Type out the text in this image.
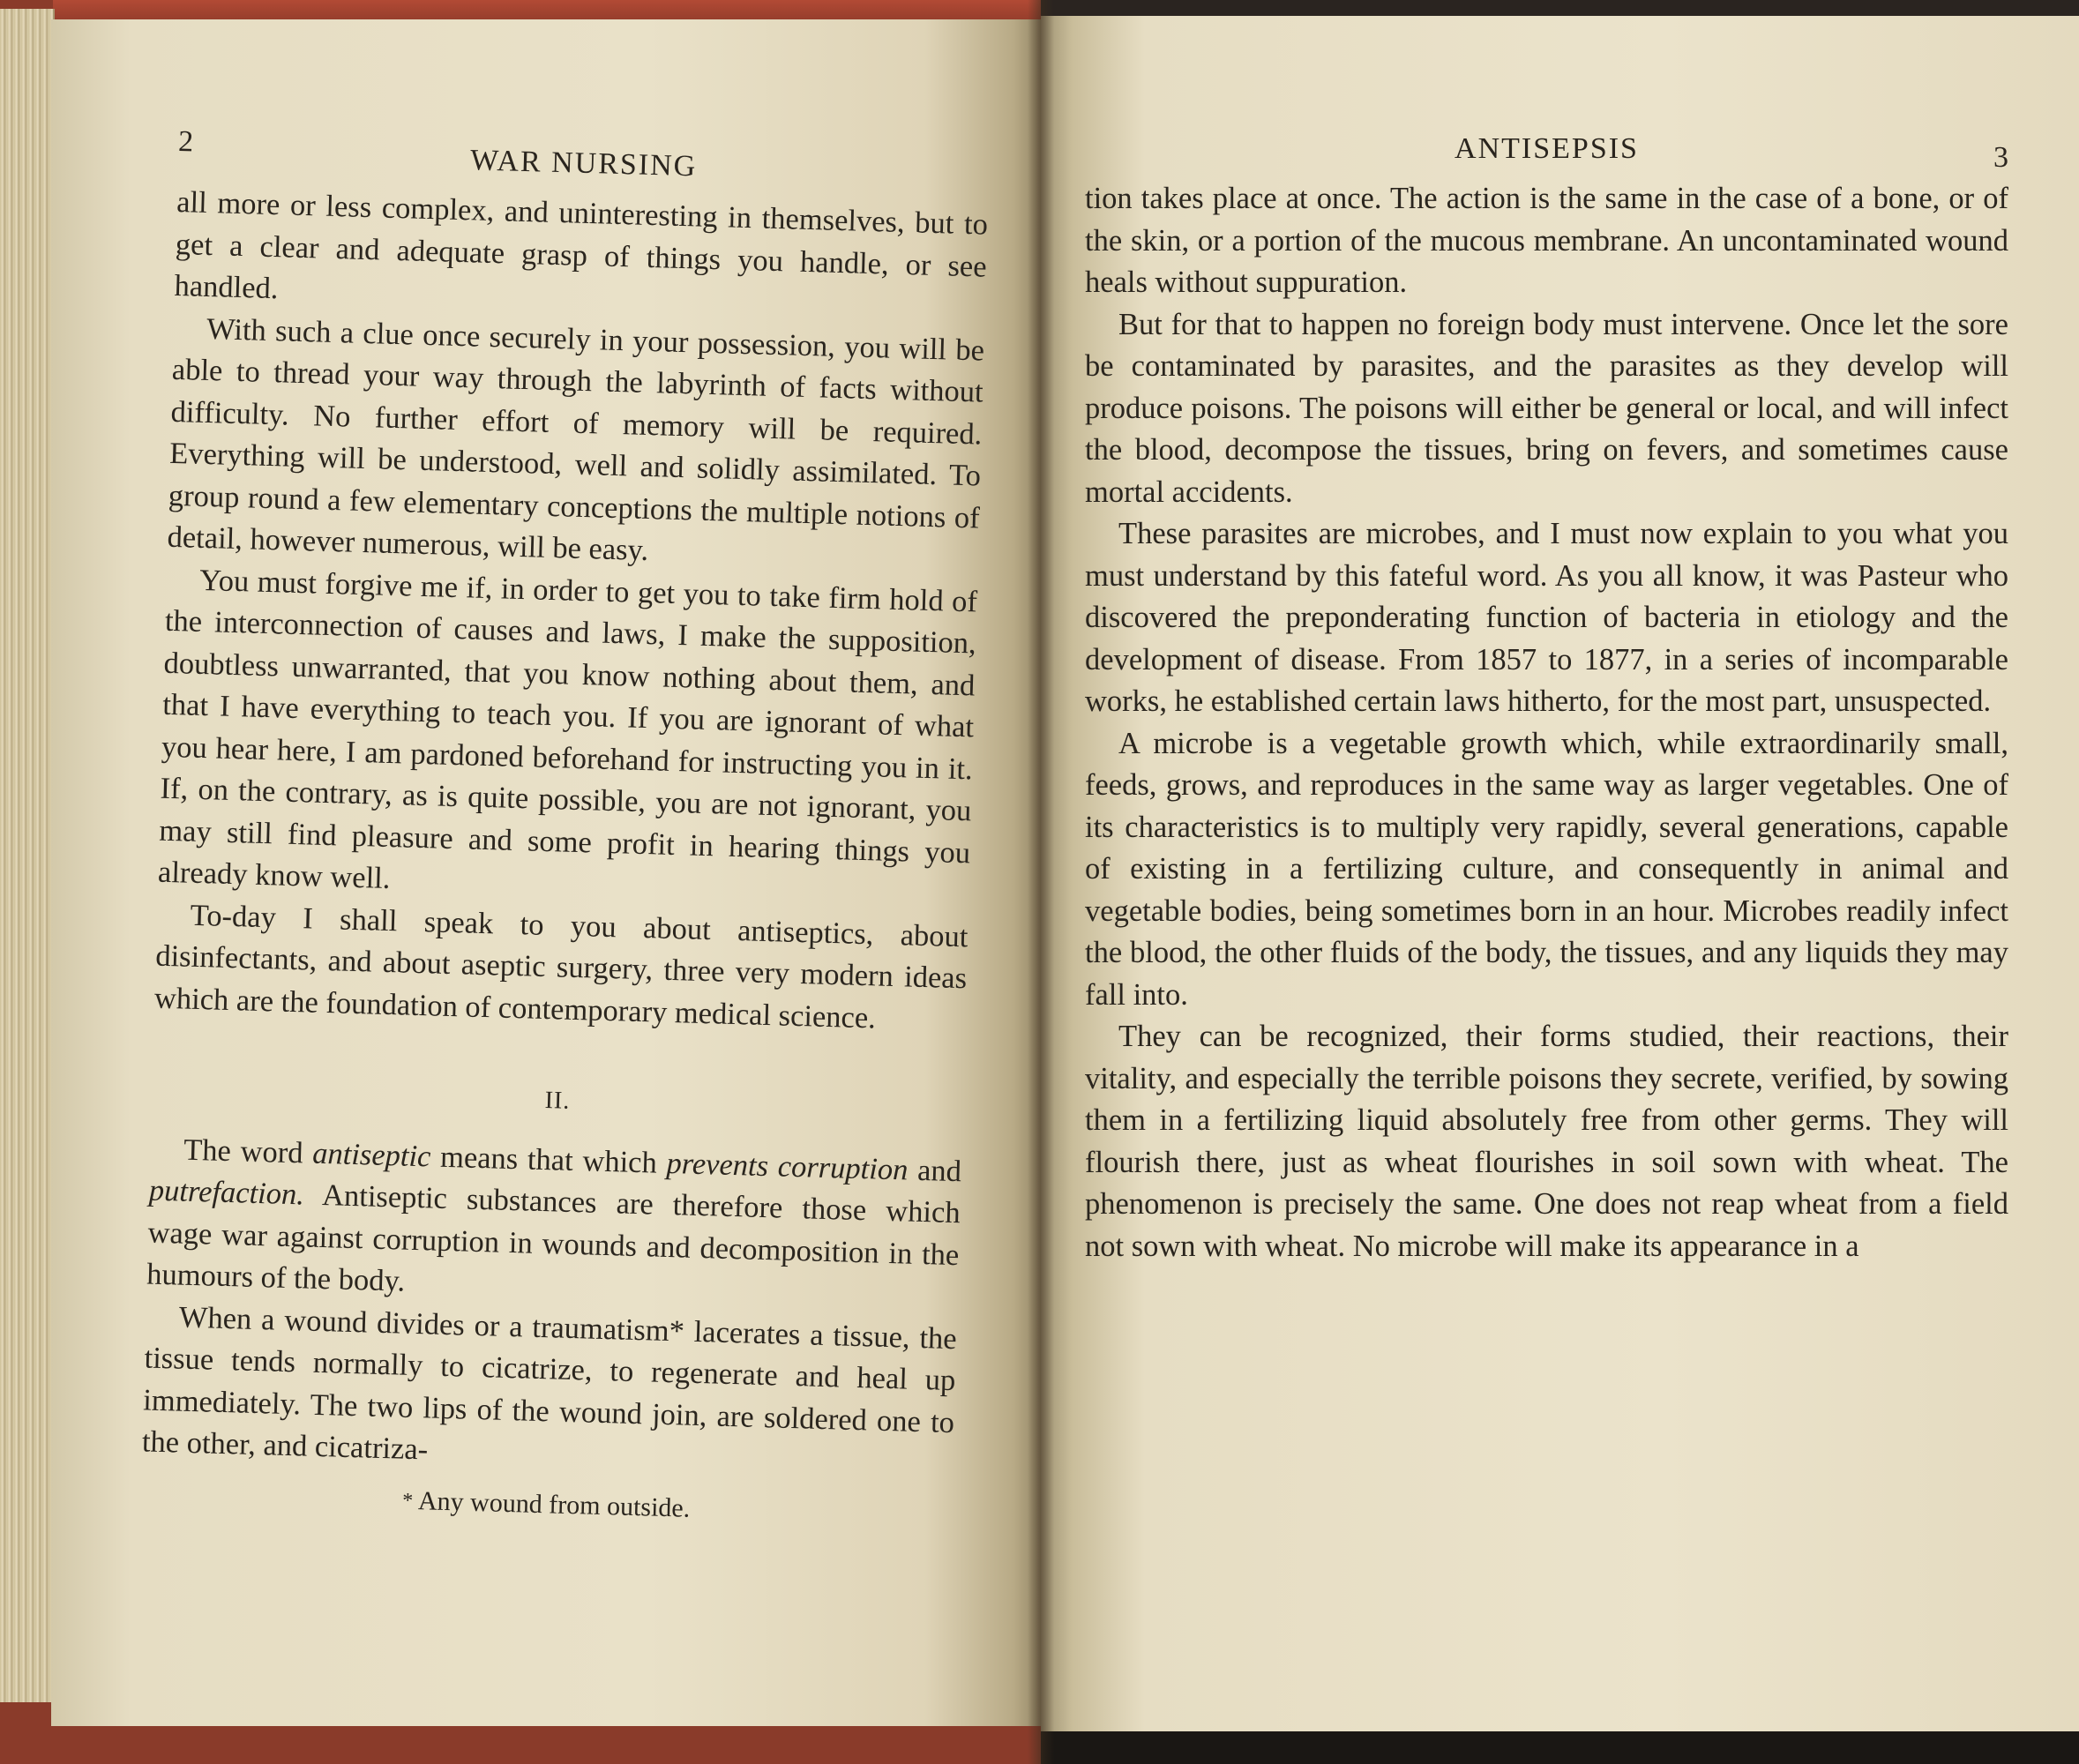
2
WAR NURSING

all more or less complex, and uninteresting in themselves, but to get a clear and adequate grasp of things you handle, or see handled.

With such a clue once securely in your possession, you will be able to thread your way through the labyrinth of facts without difficulty. No further effort of memory will be required. Everything will be understood, well and solidly assimilated. To group round a few elementary conceptions the multiple notions of detail, however numerous, will be easy.

You must forgive me if, in order to get you to take firm hold of the interconnection of causes and laws, I make the supposition, doubtless unwarranted, that you know nothing about them, and that I have everything to teach you. If you are ignorant of what you hear here, I am pardoned beforehand for instructing you in it. If, on the contrary, as is quite possible, you are not ignorant, you may still find pleasure and some profit in hearing things you already know well.

To-day I shall speak to you about antiseptics, about disinfectants, and about aseptic surgery, three very modern ideas which are the foundation of contemporary medical science.

II.

The word antiseptic means that which prevents corruption and putrefaction. Antiseptic substances are therefore those which wage war against corruption in wounds and decomposition in the humours of the body.

When a wound divides or a traumatism* lacerates a tissue, the tissue tends normally to cicatrize, to regenerate and heal up immediately. The two lips of the wound join, are soldered one to the other, and cicatriza-

* Any wound from outside.
ANTISEPSIS	3

tion takes place at once. The action is the same in the case of a bone, or of the skin, or a portion of the mucous membrane. An uncontaminated wound heals without suppuration.

But for that to happen no foreign body must intervene. Once let the sore be contaminated by parasites, and the parasites as they develop will produce poisons. The poisons will either be general or local, and will infect the blood, decompose the tissues, bring on fevers, and sometimes cause mortal accidents.

These parasites are microbes, and I must now explain to you what you must understand by this fateful word. As you all know, it was Pasteur who discovered the preponderating function of bacteria in etiology and the development of disease. From 1857 to 1877, in a series of incomparable works, he established certain laws hitherto, for the most part, unsuspected.

A microbe is a vegetable growth which, while extraordinarily small, feeds, grows, and reproduces in the same way as larger vegetables. One of its characteristics is to multiply very rapidly, several generations, capable of existing in a fertilizing culture, and consequently in animal and vegetable bodies, being sometimes born in an hour. Microbes readily infect the blood, the other fluids of the body, the tissues, and any liquids they may fall into.

They can be recognized, their forms studied, their reactions, their vitality, and especially the terrible poisons they secrete, verified, by sowing them in a fertilizing liquid absolutely free from other germs. They will flourish there, just as wheat flourishes in soil sown with wheat. The phenomenon is precisely the same. One does not reap wheat from a field not sown with wheat. No microbe will make its appearance in a
